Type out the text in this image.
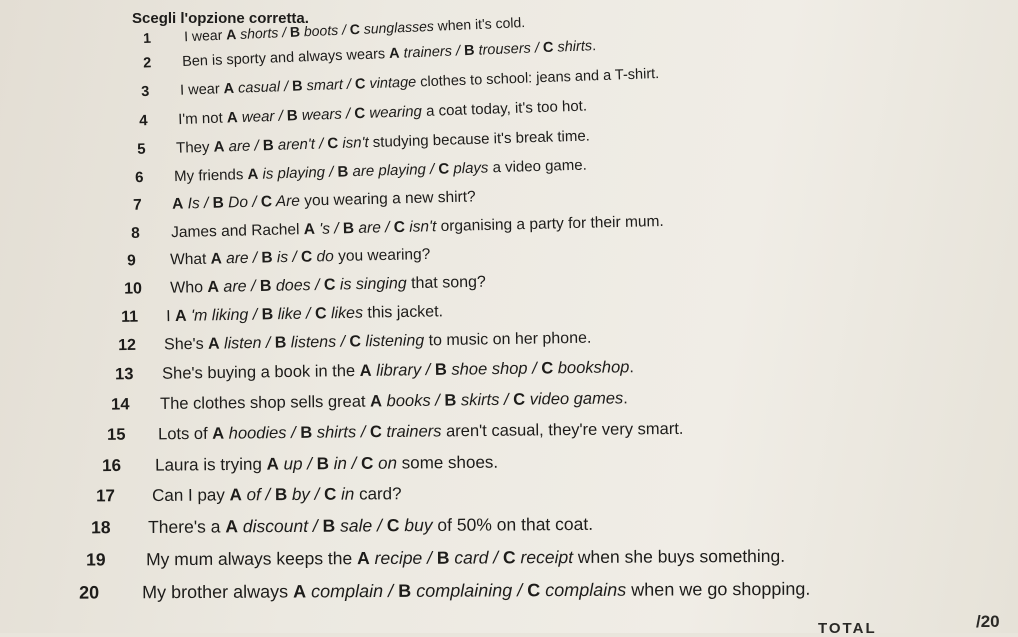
Scegli l'opzione corretta.
1 I wear A shorts / B boots / C sunglasses when it's cold.
2 Ben is sporty and always wears A trainers / B trousers / C shirts.
3 I wear A casual / B smart / C vintage clothes to school: jeans and a T-shirt.
4 I'm not A wear / B wears / C wearing a coat today, it's too hot.
5 They A are / B aren't / C isn't studying because it's break time.
6 My friends A is playing / B are playing / C plays a video game.
7 A Is / B Do / C Are you wearing a new shirt?
8 James and Rachel A 's / B are / C isn't organising a party for their mum.
9 What A are / B is / C do you wearing?
10 Who A are / B does / C is singing that song?
11 I A 'm liking / B like / C likes this jacket.
12 She's A listen / B listens / C listening to music on her phone.
13 She's buying a book in the A library / B shoe shop / C bookshop.
14 The clothes shop sells great A books / B skirts / C video games.
15 Lots of A hoodies / B shirts / C trainers aren't casual, they're very smart.
16 Laura is trying A up / B in / C on some shoes.
17 Can I pay A of / B by / C in card?
18 There's a A discount / B sale / C buy of 50% on that coat.
19 My mum always keeps the A recipe / B card / C receipt when she buys something.
20 My brother always A complain / B complaining / C complains when we go shopping.
TOTAL	/20
